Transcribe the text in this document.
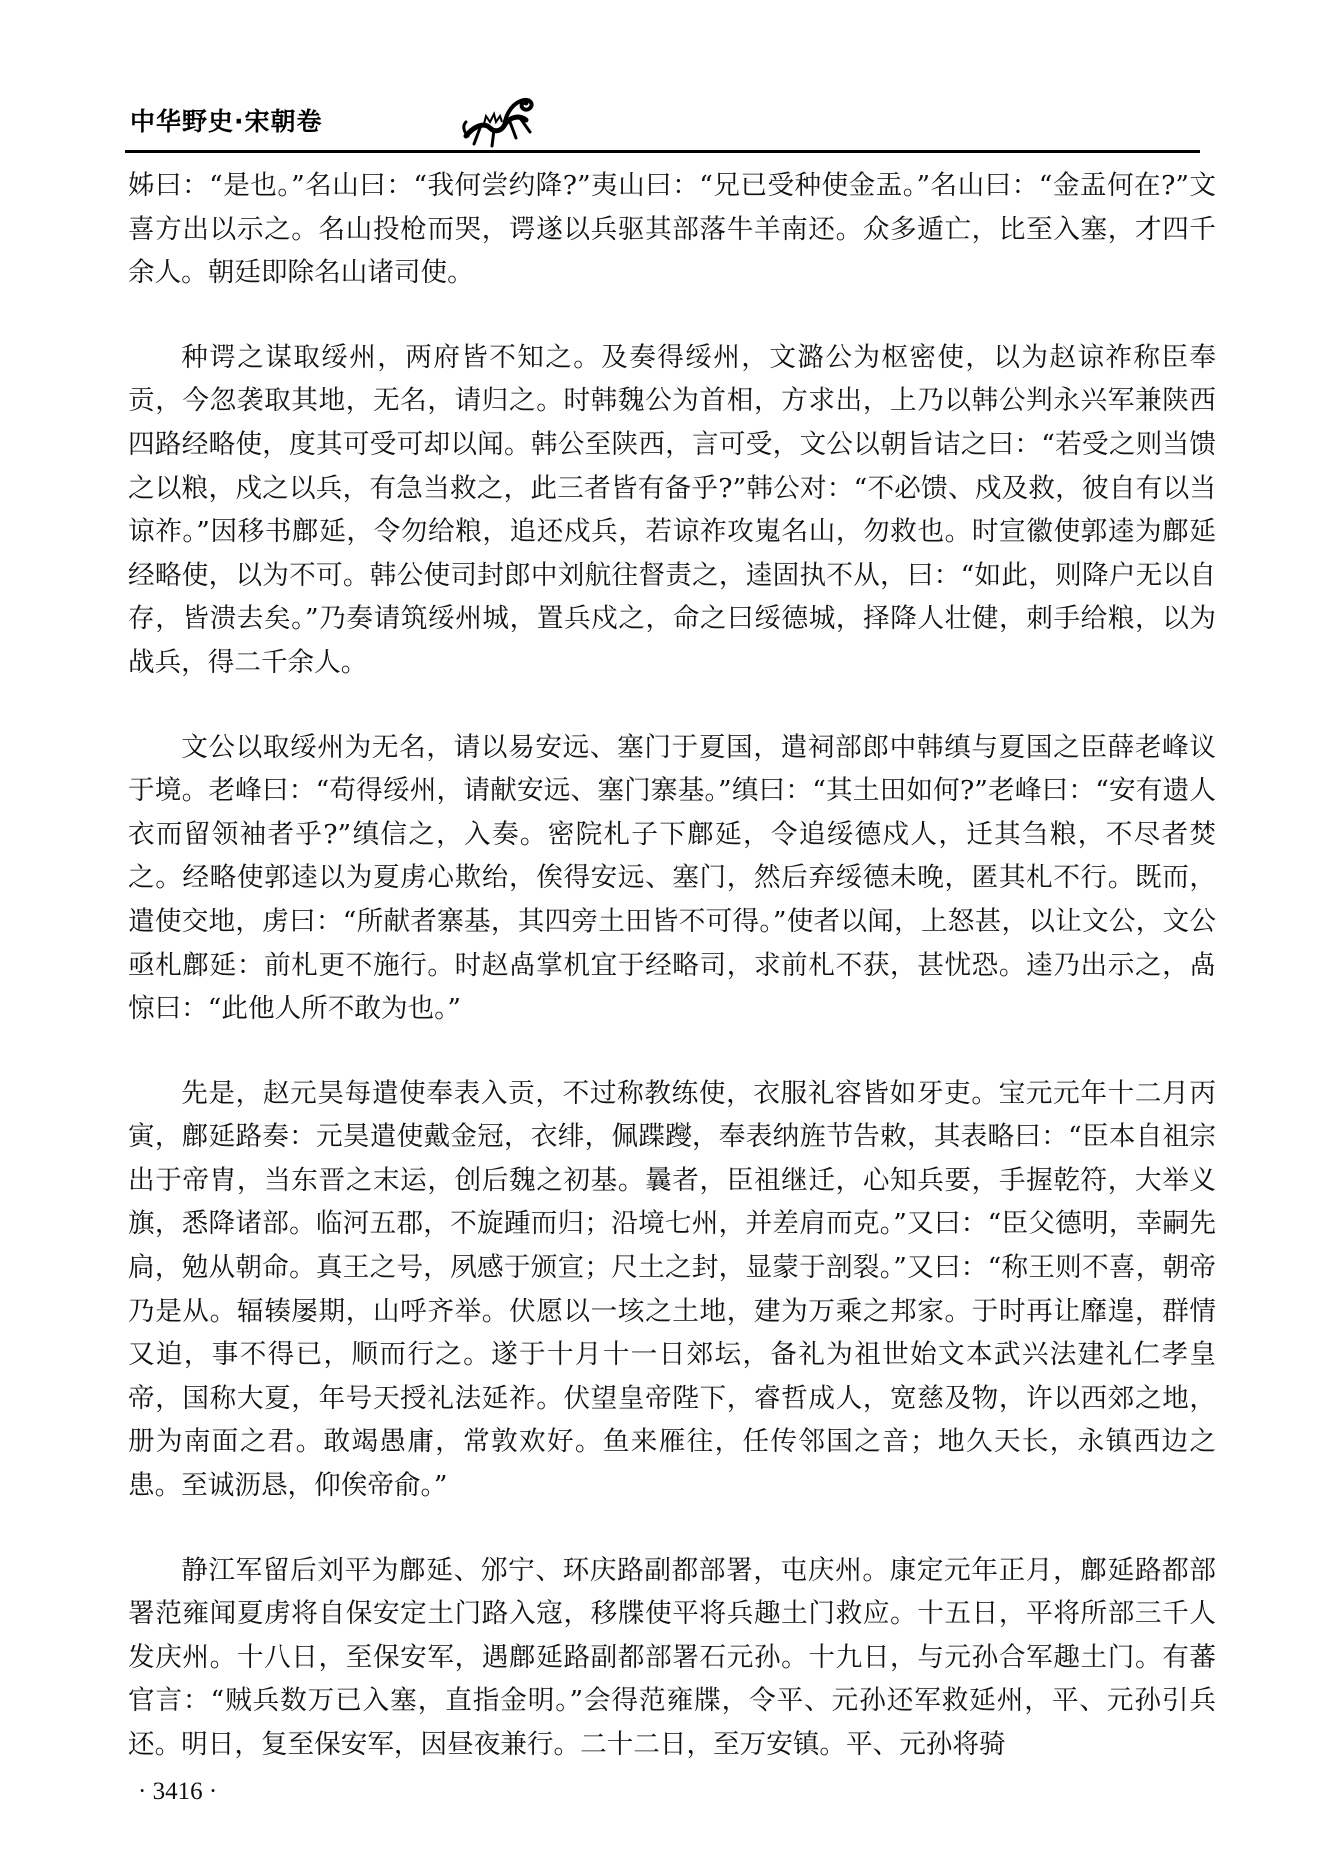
中华野史·宋朝卷

姊曰：“是也。”名山曰：“我何尝约降?”夷山曰：“兄已受种使金盂。”名山曰：“金盂何在?”文喜方出以示之。名山投枪而哭，谔遂以兵驱其部落牛羊南还。众多遁亡，比至入塞，才四千余人。朝廷即除名山诸司使。

种谔之谋取绥州，两府皆不知之。及奏得绥州，文潞公为枢密使，以为赵谅祚称臣奉贡，今忽袭取其地，无名，请归之。时韩魏公为首相，方求出，上乃以韩公判永兴军兼陕西四路经略使，度其可受可却以闻。韩公至陕西，言可受，文公以朝旨诘之曰：“若受之则当馈之以粮，戍之以兵，有急当救之，此三者皆有备乎?”韩公对：“不必馈、戍及救，彼自有以当谅祚。”因移书鄜延，令勿给粮，追还戍兵，若谅祚攻嵬名山，勿救也。时宣徽使郭逵为鄜延经略使，以为不可。韩公使司封郎中刘航往督责之，逵固执不从，曰：“如此，则降户无以自存，皆溃去矣。”乃奏请筑绥州城，置兵戍之，命之曰绥德城，择降人壮健，刺手给粮，以为战兵，得二千余人。

文公以取绥州为无名，请以易安远、塞门于夏国，遣祠部郎中韩缜与夏国之臣薛老峰议于境。老峰曰：“苟得绥州，请献安远、塞门寨基。”缜曰：“其土田如何?”老峰曰：“安有遗人衣而留领袖者乎?”缜信之，入奏。密院札子下鄜延，令追绥德戍人，迁其刍粮，不尽者焚之。经略使郭逵以为夏虏心欺绐，俟得安远、塞门，然后弃绥德未晚，匿其札不行。既而，遣使交地，虏曰：“所献者寨基，其四旁土田皆不可得。”使者以闻，上怒甚，以让文公，文公亟札鄜延：前札更不施行。时赵卨掌机宜于经略司，求前札不获，甚忧恐。逵乃出示之，卨惊曰：“此他人所不敢为也。”

先是，赵元昊每遣使奉表入贡，不过称教练使，衣服礼容皆如牙吏。宝元元年十二月丙寅，鄜延路奏：元昊遣使戴金冠，衣绯，佩蹀躞，奉表纳旌节告敕，其表略曰：“臣本自祖宗出于帝胄，当东晋之末运，创后魏之初基。曩者，臣祖继迁，心知兵要，手握乾符，大举义旗，悉降诸部。临河五郡，不旋踵而归；沿境七州，并差肩而克。”又曰：“臣父德明，幸嗣先扃，勉从朝命。真王之号，夙感于颁宣；尺土之封，显蒙于剖裂。”又曰：“称王则不喜，朝帝乃是从。辐辏屡期，山呼齐举。伏愿以一垓之土地，建为万乘之邦家。于时再让靡遑，群情又迫，事不得已，顺而行之。遂于十月十一日郊坛，备礼为祖世始文本武兴法建礼仁孝皇帝，国称大夏，年号天授礼法延祚。伏望皇帝陛下，睿哲成人，宽慈及物，许以西郊之地，册为南面之君。敢竭愚庸，常敦欢好。鱼来雁往，任传邻国之音；地久天长，永镇西边之患。至诚沥恳，仰俟帝俞。”

静江军留后刘平为鄜延、邠宁、环庆路副都部署，屯庆州。康定元年正月，鄜延路都部署范雍闻夏虏将自保安定土门路入寇，移牒使平将兵趣土门救应。十五日，平将所部三千人发庆州。十八日，至保安军，遇鄜延路副都部署石元孙。十九日，与元孙合军趣土门。有蕃官言：“贼兵数万已入塞，直指金明。”会得范雍牒，令平、元孙还军救延州，平、元孙引兵还。明日，复至保安军，因昼夜兼行。二十二日，至万安镇。平、元孙将骑

· 3416 ·
